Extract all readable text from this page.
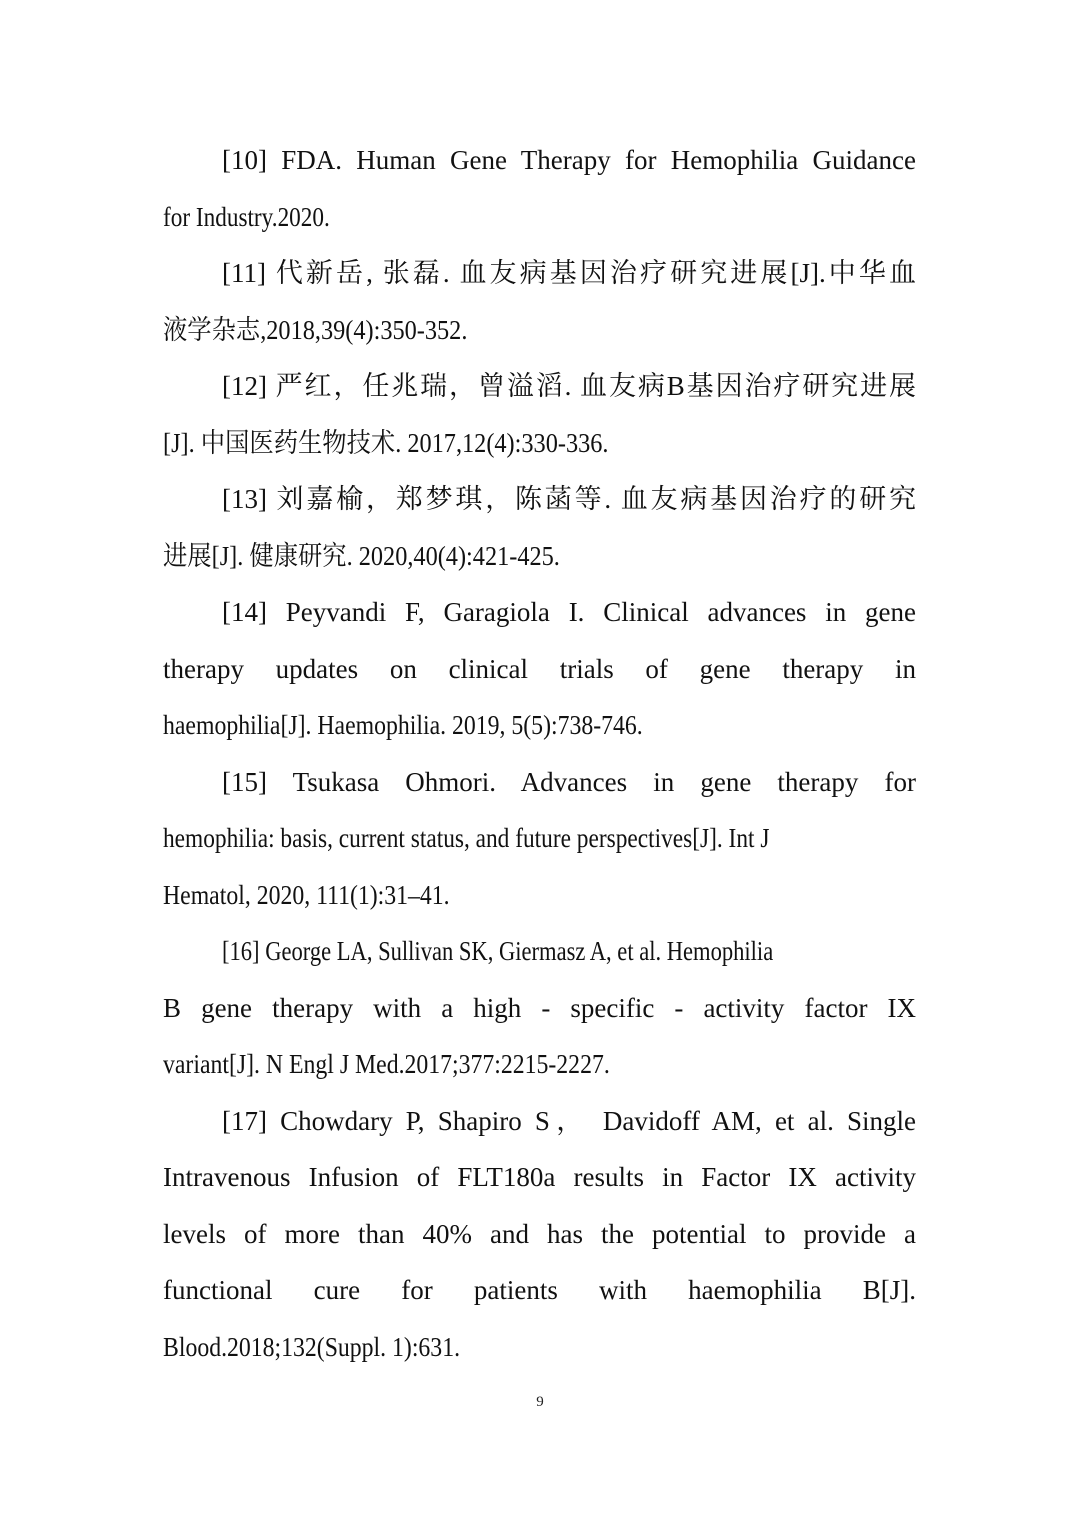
[10] FDA. Human Gene Therapy for Hemophilia Guidance
for Industry.2020.
[11] 代新岳, 张磊. 血友病基因治疗研究进展[J].中华血
液学杂志,2018,39(4):350-352.
[12] 严红，任兆瑞，曾溢滔. 血友病B基因治疗研究进展
[J]. 中国医药生物技术. 2017,12(4):330-336.
[13] 刘嘉榆，郑梦琪，陈菡等. 血友病基因治疗的研究
进展[J]. 健康研究. 2020,40(4):421-425.
[14] Peyvandi F, Garagiola I. Clinical advances in gene
therapy updates on clinical trials of gene therapy in
haemophilia[J]. Haemophilia. 2019, 5(5):738-746.
[15] Tsukasa Ohmori. Advances in gene therapy for
hemophilia: basis, current status, and future perspectives[J]. Int J
Hematol, 2020, 111(1):31–41.
[16] George LA, Sullivan SK, Giermasz A, et al. Hemophilia
B gene therapy with a high - specific - activity factor IX
variant[J]. N Engl J Med.2017;377:2215-2227.
[17] Chowdary P, Shapiro S， Davidoff AM, et al. Single
Intravenous Infusion of FLT180a results in Factor IX activity
levels of more than 40% and has the potential to provide a
functional cure for patients with haemophilia B[J].
Blood.2018;132(Suppl. 1):631.
9
